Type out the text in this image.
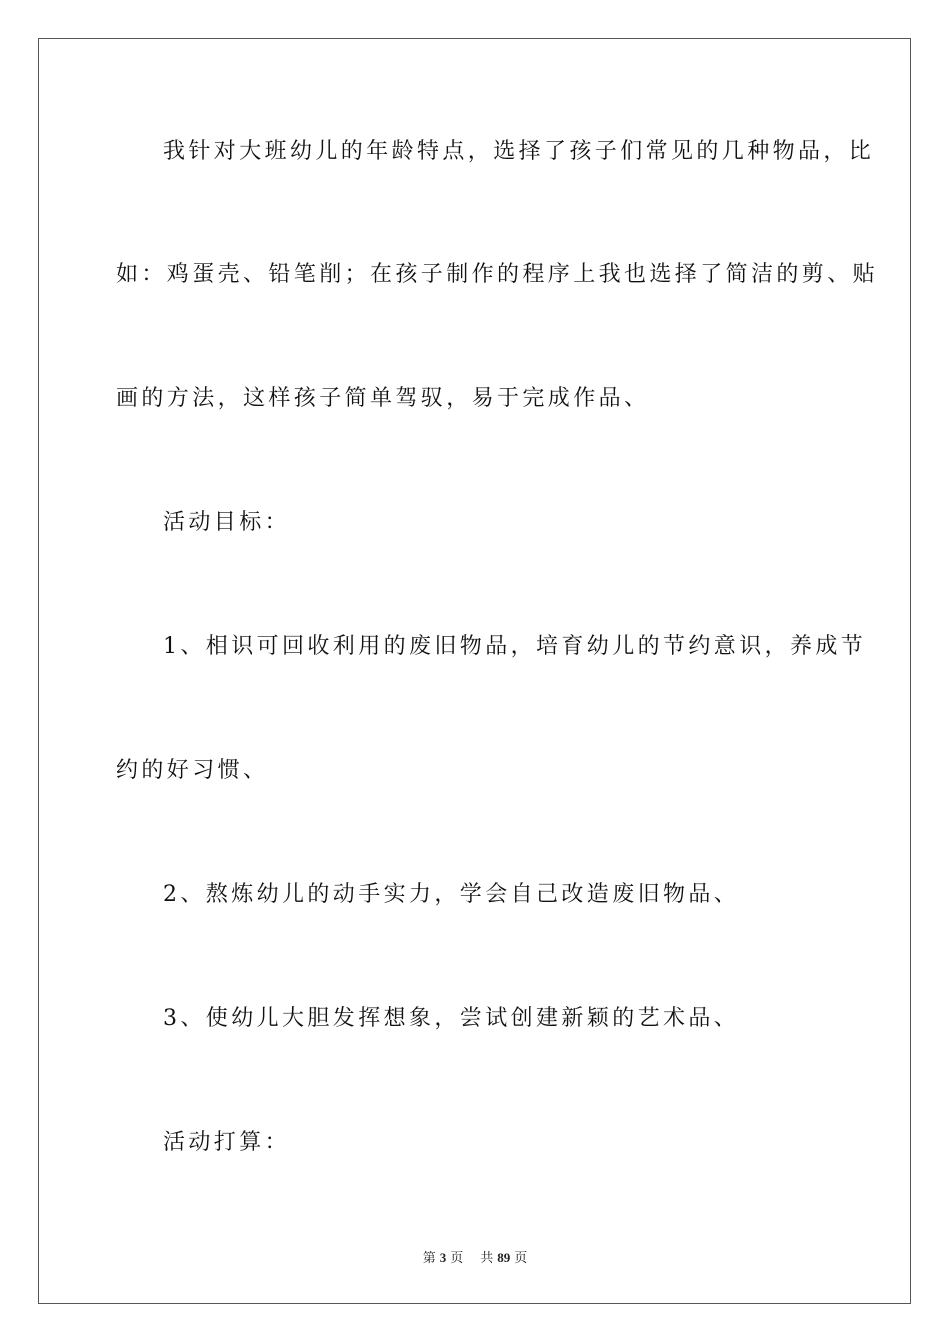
我针对大班幼儿的年龄特点，选择了孩子们常见的几种物品，比
如：鸡蛋壳、铅笔削；在孩子制作的程序上我也选择了简洁的剪、贴
画的方法，这样孩子简单驾驭，易于完成作品、
活动目标：
1、相识可回收利用的废旧物品，培育幼儿的节约意识，养成节
约的好习惯、
2、熬炼幼儿的动手实力，学会自己改造废旧物品、
3、使幼儿大胆发挥想象，尝试创建新颖的艺术品、
活动打算：
第 3 页 共 89 页
